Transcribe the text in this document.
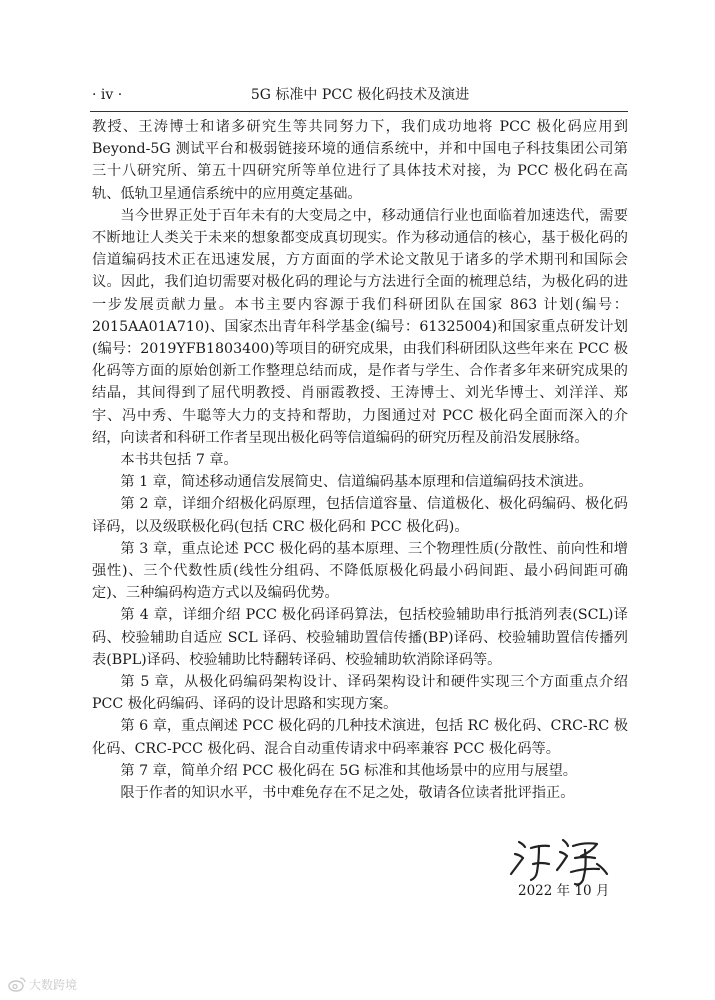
· iv ·	5G 标准中 PCC 极化码技术及演进

教授、王涛博士和诸多研究生等共同努力下，我们成功地将 PCC 极化码应用到 Beyond-5G 测试平台和极弱链接环境的通信系统中，并和中国电子科技集团公司第三十八研究所、第五十四研究所等单位进行了具体技术对接，为 PCC 极化码在高轨、低轨卫星通信系统中的应用奠定基础。

当今世界正处于百年未有的大变局之中，移动通信行业也面临着加速迭代，需要不断地让人类关于未来的想象都变成真切现实。作为移动通信的核心，基于极化码的信道编码技术正在迅速发展，方方面面的学术论文散见于诸多的学术期刊和国际会议。因此，我们迫切需要对极化码的理论与方法进行全面的梳理总结，为极化码的进一步发展贡献力量。本书主要内容源于我们科研团队在国家 863 计划(编号：2015AA01A710)、国家杰出青年科学基金(编号：61325004)和国家重点研发计划(编号：2019YFB1803400)等项目的研究成果，由我们科研团队这些年来在 PCC 极化码等方面的原始创新工作整理总结而成，是作者与学生、合作者多年来研究成果的结晶，其间得到了屈代明教授、肖丽霞教授、王涛博士、刘光华博士、刘洋洋、郑宇、冯中秀、牛聪等大力的支持和帮助，力图通过对 PCC 极化码全面而深入的介绍，向读者和科研工作者呈现出极化码等信道编码的研究历程及前沿发展脉络。

本书共包括 7 章。

第 1 章，简述移动通信发展简史、信道编码基本原理和信道编码技术演进。

第 2 章，详细介绍极化码原理，包括信道容量、信道极化、极化码编码、极化码译码，以及级联极化码(包括 CRC 极化码和 PCC 极化码)。

第 3 章，重点论述 PCC 极化码的基本原理、三个物理性质(分散性、前向性和增强性)、三个代数性质(线性分组码、不降低原极化码最小码间距、最小码间距可确定)、三种编码构造方式以及编码优势。

第 4 章，详细介绍 PCC 极化码译码算法，包括校验辅助串行抵消列表(SCL)译码、校验辅助自适应 SCL 译码、校验辅助置信传播(BP)译码、校验辅助置信传播列表(BPL)译码、校验辅助比特翻转译码、校验辅助软消除译码等。

第 5 章，从极化码编码架构设计、译码架构设计和硬件实现三个方面重点介绍 PCC 极化码编码、译码的设计思路和实现方案。

第 6 章，重点阐述 PCC 极化码的几种技术演进，包括 RC 极化码、CRC-RC 极化码、CRC-PCC 极化码、混合自动重传请求中码率兼容 PCC 极化码等。

第 7 章，简单介绍 PCC 极化码在 5G 标准和其他场景中的应用与展望。

限于作者的知识水平，书中难免存在不足之处，敬请各位读者批评指正。

2022 年 10 月
大数跨境
